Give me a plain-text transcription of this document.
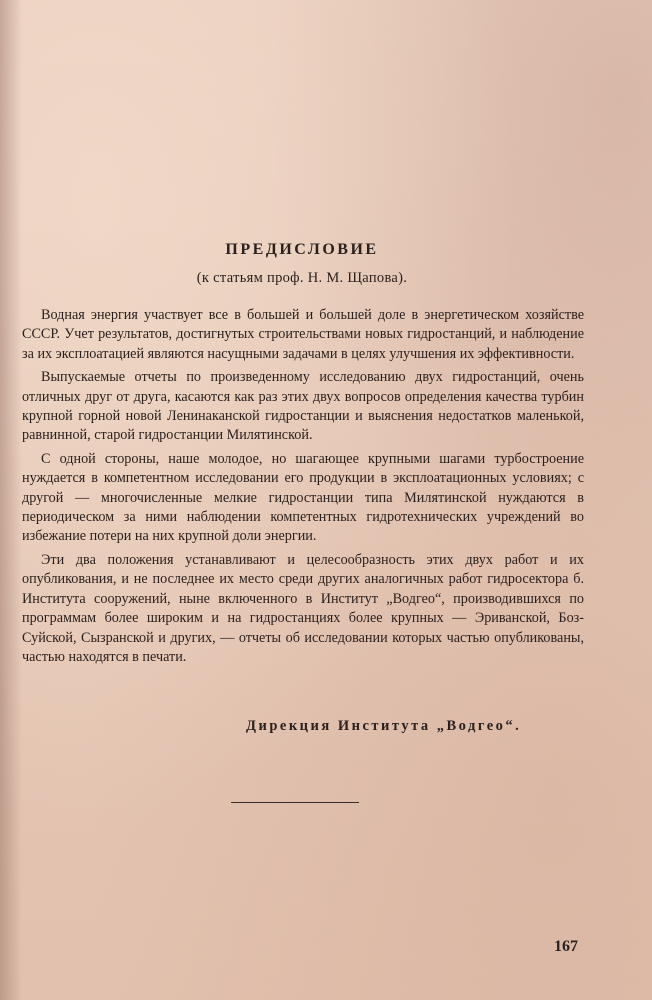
ПРЕДИСЛОВИЕ
(к статьям проф. Н. М. Щапова).

Водная энергия участвует все в большей и большей доле в энергетическом хозяйстве СССР. Учет результатов, достигнутых строительствами новых гидростанций, и наблюдение за их эксплоатацией являются насущными задачами в целях улучшения их эффективности.

Выпускаемые отчеты по произведенному исследованию двух гидростанций, очень отличных друг от друга, касаются как раз этих двух вопросов определения качества турбин крупной горной новой Ленинаканской гидростанции и выяснения недостатков маленькой, равнинной, старой гидростанции Милятинской.

С одной стороны, наше молодое, но шагающее крупными шагами турбостроение нуждается в компетентном исследовании его продукции в эксплоатационных условиях; с другой — многочисленные мелкие гидростанции типа Милятинской нуждаются в периодическом за ними наблюдении компетентных гидротехнических учреждений во избежание потери на них крупной доли энергии.

Эти два положения устанавливают и целесообразность этих двух работ и их опубликования, и не последнее их место среди других аналогичных работ гидросектора б. Института сооружений, ныне включенного в Институт „Водгео“, производившихся по программам более широким и на гидростанциях более крупных — Эриванской, Боз-Суйской, Сызранской и других, — отчеты об исследовании которых частью опубликованы, частью находятся в печати.

Дирекция Института „Водгео“.
167
